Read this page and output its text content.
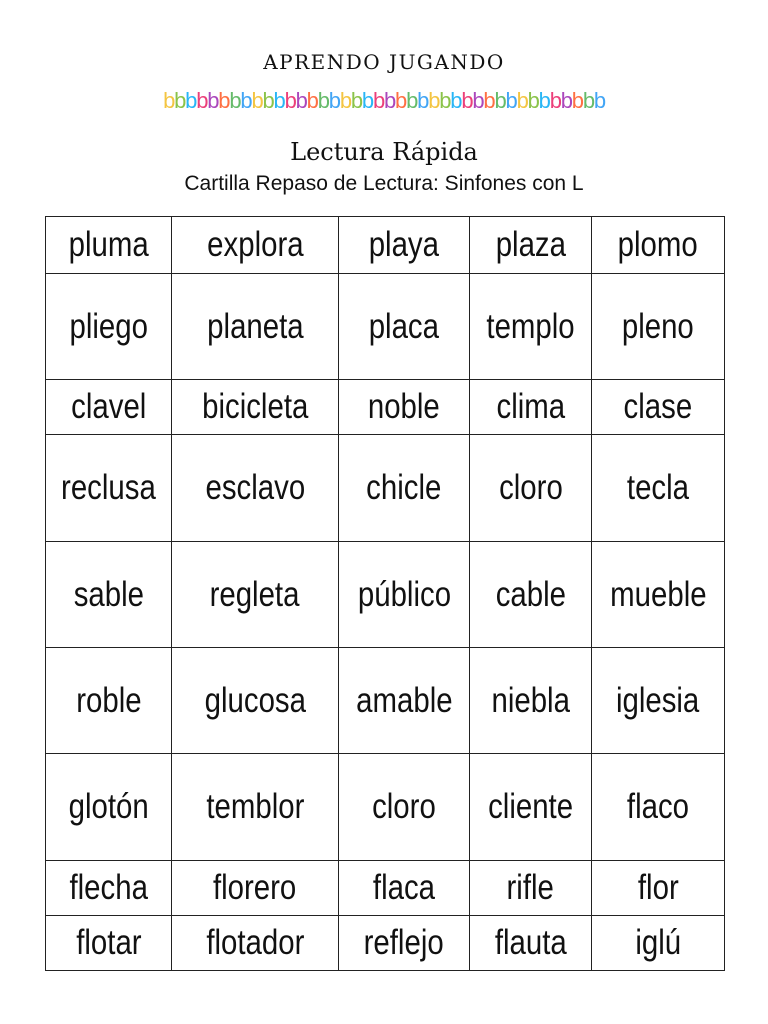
APRENDO JUGANDO
bbbbbbbbbbbbbbbbbbbbbbbbbbbbbbbbbbbbbbbb
Lectura Rápida
Cartilla Repaso de Lectura: Sinfones con L
pluma	explora	playa	plaza	plomo
pliego	planeta	placa	templo	pleno
clavel	bicicleta	noble	clima	clase
reclusa	esclavo	chicle	cloro	tecla
sable	regleta	público	cable	mueble
roble	glucosa	amable	niebla	iglesia
glotón	temblor	cloro	cliente	flaco
flecha	florero	flaca	rifle	flor
flotar	flotador	reflejo	flauta	iglú
